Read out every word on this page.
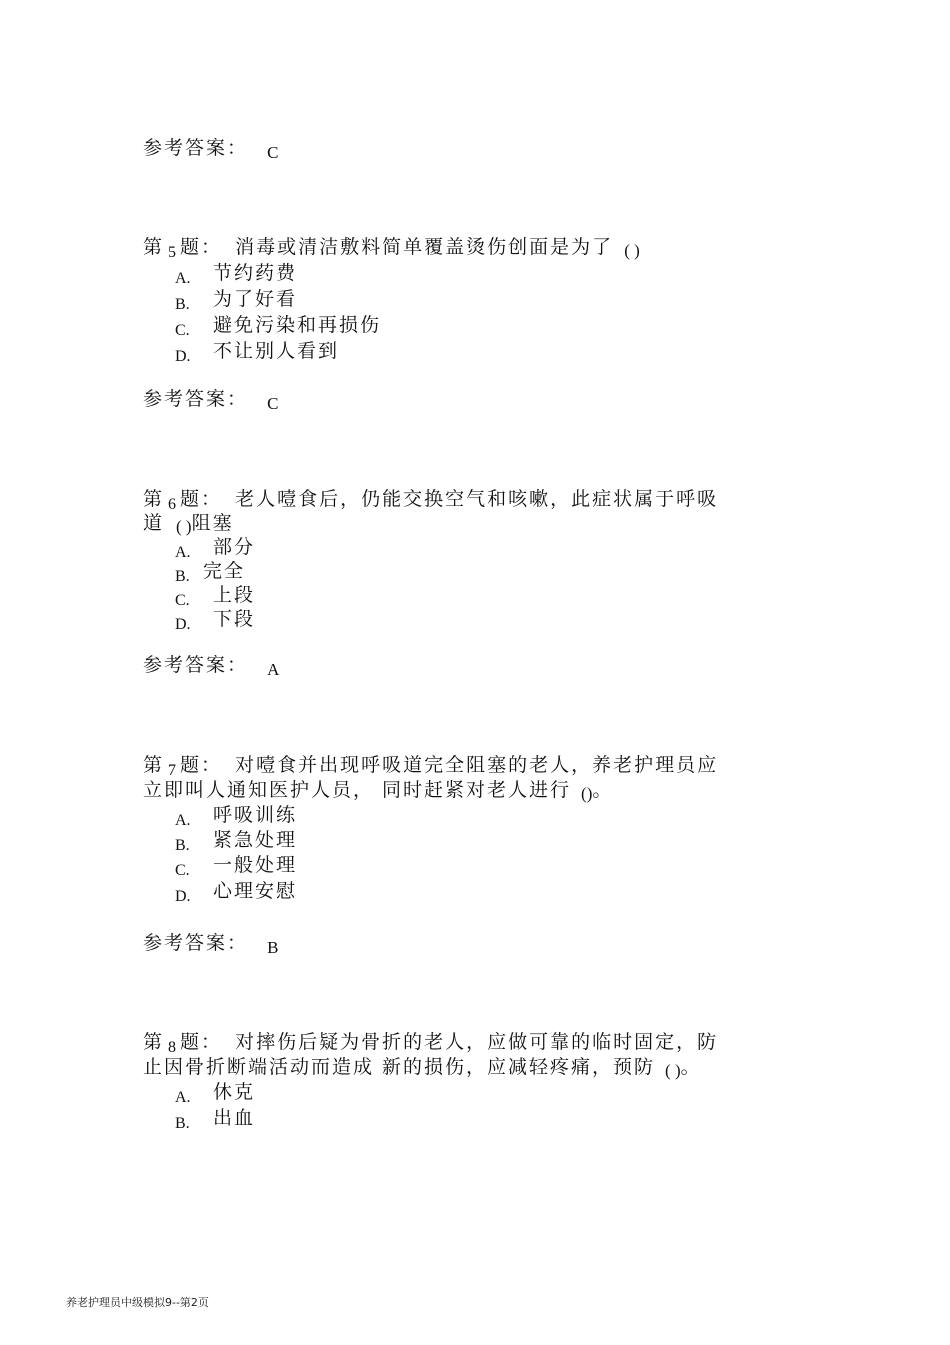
参考答案： C
第 5 题： 消毒或清洁敷料简单覆盖烫伤创面是为了 ( )
A. 节约药费
B. 为了好看
C. 避免污染和再损伤
D. 不让别人看到
参考答案： C
第 6 题： 老人噎食后，仍能交换空气和咳嗽，此症状属于呼吸
道 ( )阻塞
A. 部分
B. 完全
C. 上段
D. 下段
参考答案： A
第 7 题： 对噎食并出现呼吸道完全阻塞的老人，养老护理员应
立即叫人通知医护人员， 同时赶紧对老人进行 ()。
A. 呼吸训练
B. 紧急处理
C. 一般处理
D. 心理安慰
参考答案： B
第 8 题： 对摔伤后疑为骨折的老人，应做可靠的临时固定，防
止因骨折断端活动而造成 新的损伤，应减轻疼痛，预防 ( )。
A. 休克
B. 出血
养老护理员中级模拟9--第2页
